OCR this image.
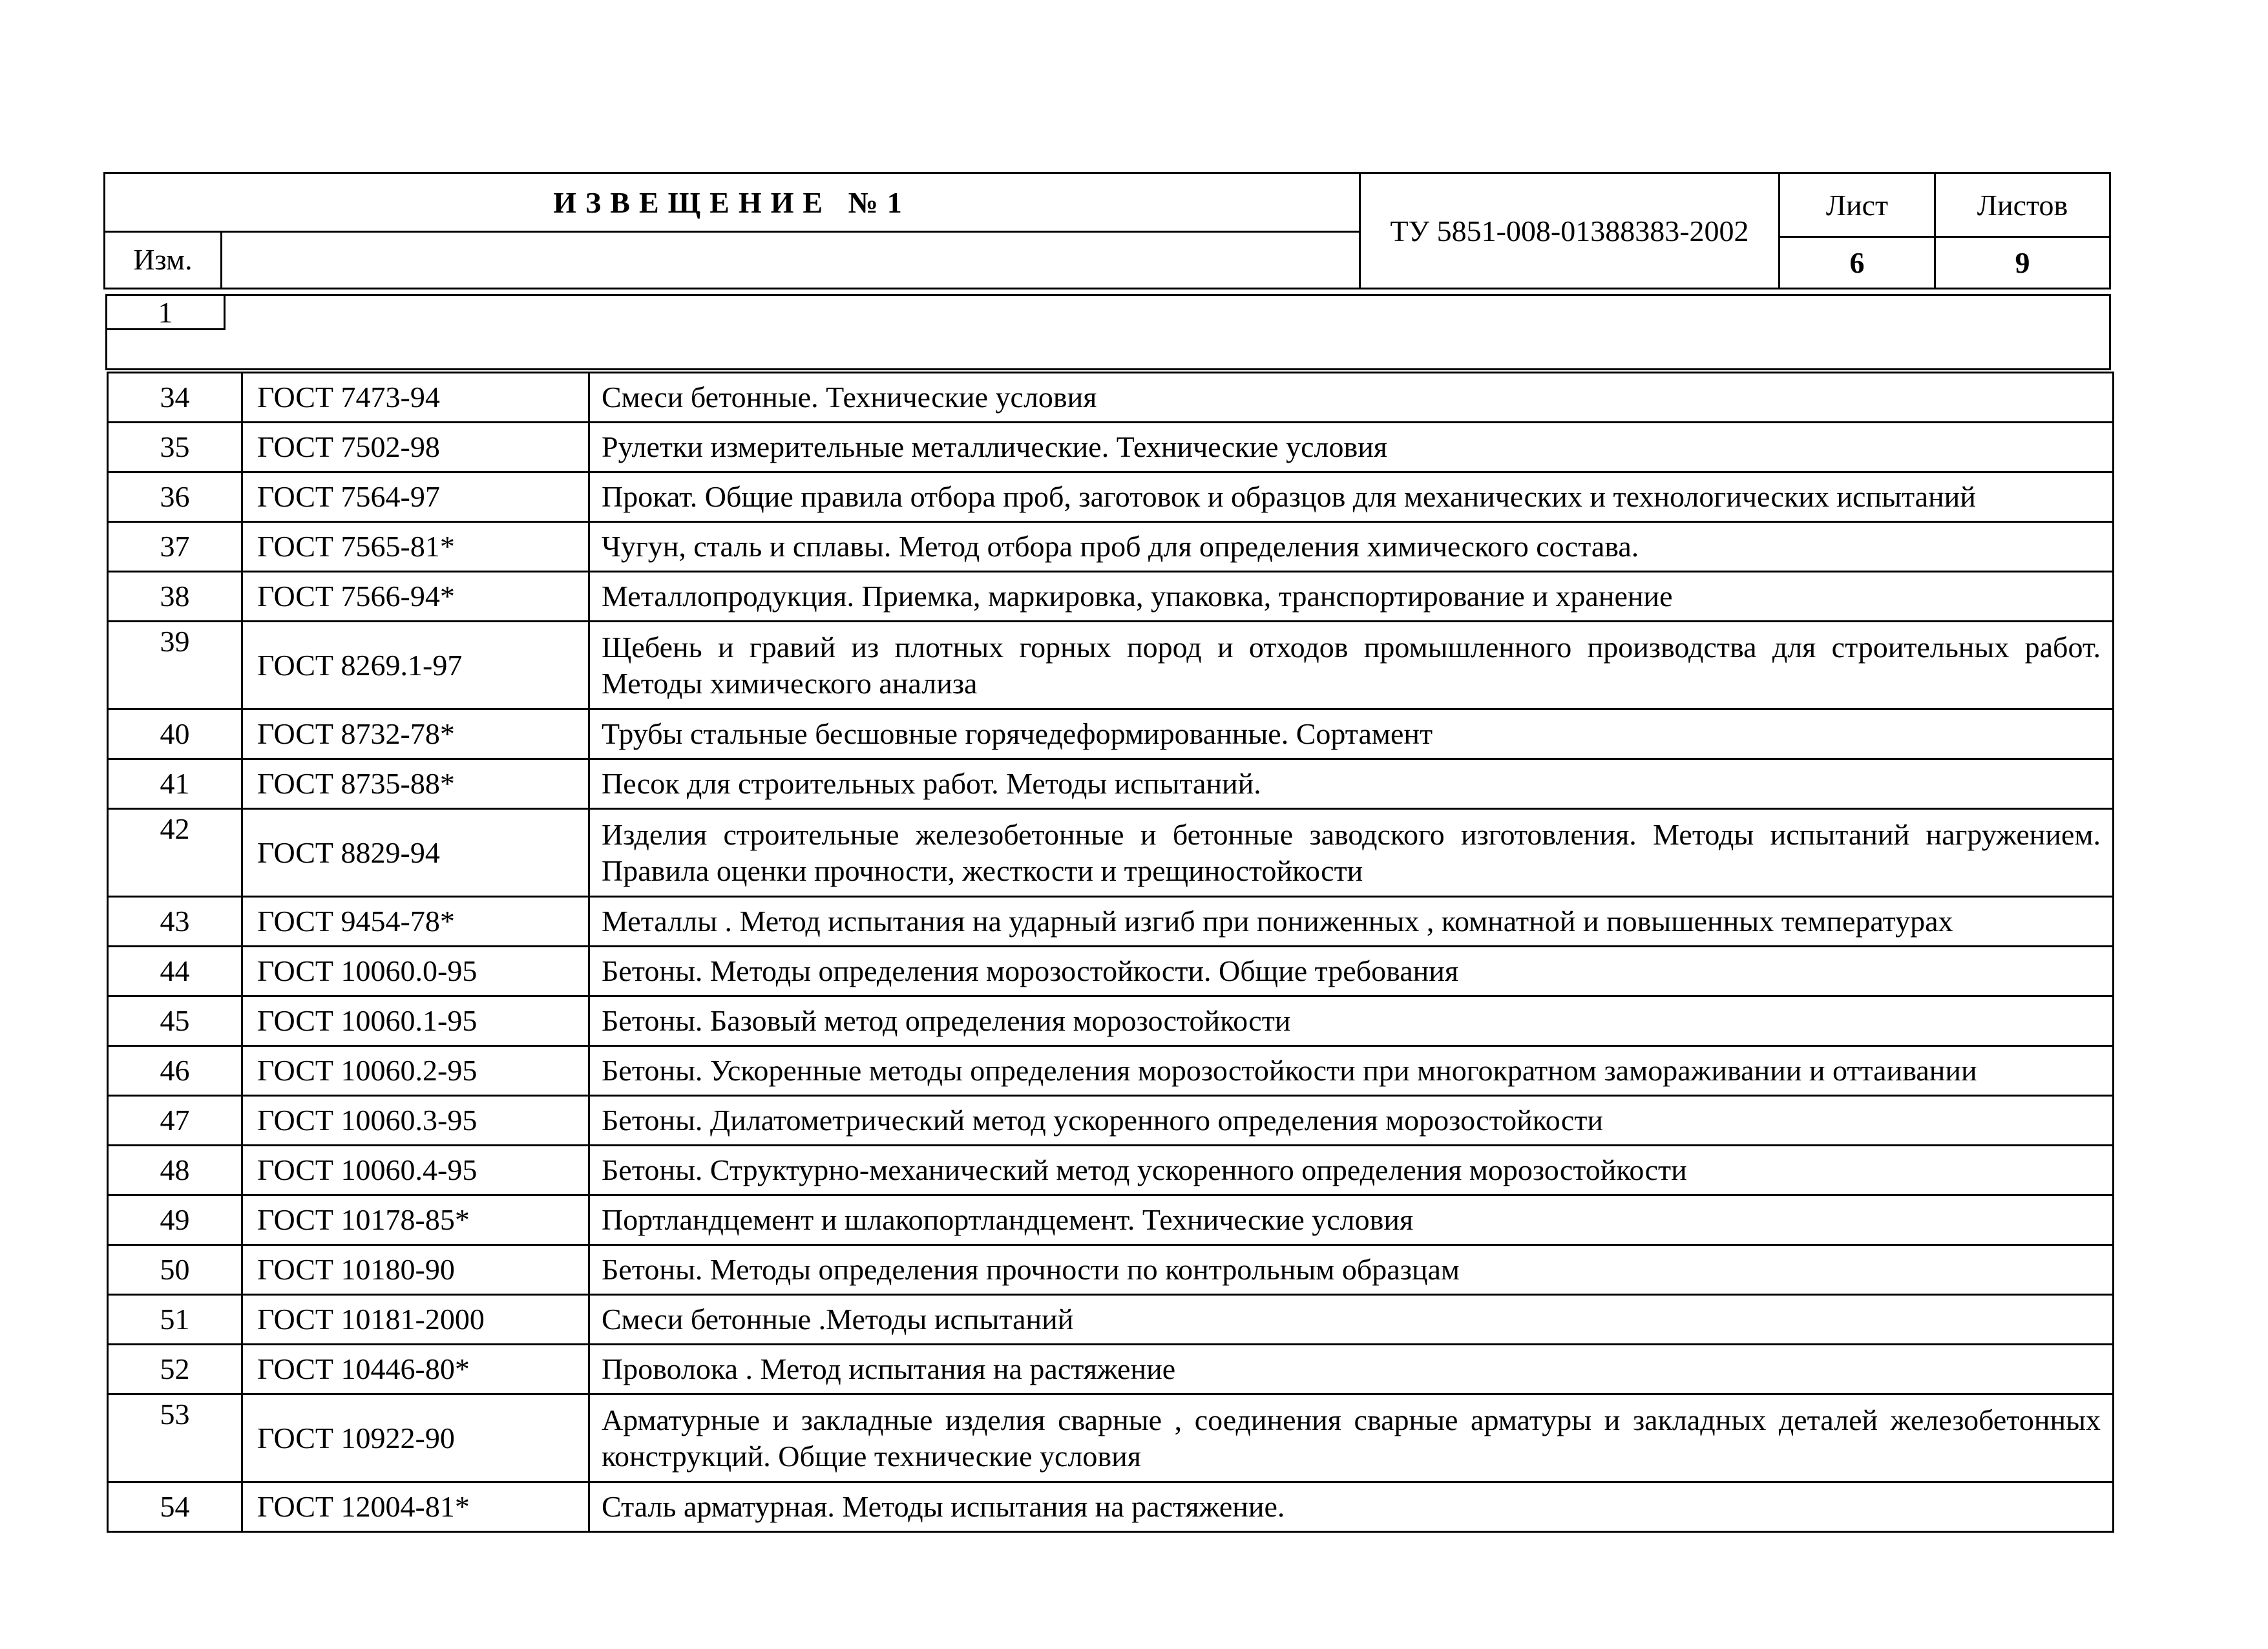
ИЗВЕЩЕНИЕ №1
Изм.
ТУ 5851-008-01388383-2002
Лист	Листов
6	9
1
34	ГОСТ 7473-94	Смеси бетонные. Технические условия
35	ГОСТ 7502-98	Рулетки измерительные металлические. Технические условия
36	ГОСТ 7564-97	Прокат. Общие правила отбора проб, заготовок и образцов для механических и технологических испытаний
37	ГОСТ 7565-81*	Чугун, сталь и сплавы. Метод отбора проб для определения химического состава.
38	ГОСТ 7566-94*	Металлопродукция. Приемка, маркировка, упаковка, транспортирование и хранение
39	ГОСТ 8269.1-97	Щебень и гравий из плотных горных пород и отходов промышленного производства для строительных работ. Методы химического анализа
40	ГОСТ 8732-78*	Трубы стальные бесшовные горячедеформированные. Сортамент
41	ГОСТ 8735-88*	Песок для строительных работ. Методы испытаний.
42	ГОСТ 8829-94	Изделия строительные железобетонные и бетонные заводского изготовления. Методы испытаний нагружением. Правила оценки прочности, жесткости и трещиностойкости
43	ГОСТ 9454-78*	Металлы . Метод испытания на ударный изгиб при пониженных , комнатной и повышенных температурах
44	ГОСТ 10060.0-95	Бетоны. Методы определения морозостойкости. Общие требования
45	ГОСТ 10060.1-95	Бетоны. Базовый метод определения морозостойкости
46	ГОСТ 10060.2-95	Бетоны. Ускоренные методы определения морозостойкости при многократном замораживании и оттаивании
47	ГОСТ 10060.3-95	Бетоны. Дилатометрический метод ускоренного определения морозостойкости
48	ГОСТ 10060.4-95	Бетоны. Структурно-механический метод ускоренного определения морозостойкости
49	ГОСТ 10178-85*	Портландцемент и шлакопортландцемент. Технические условия
50	ГОСТ 10180-90	Бетоны. Методы определения прочности по контрольным образцам
51	ГОСТ 10181-2000	Смеси бетонные .Методы испытаний
52	ГОСТ 10446-80*	Проволока . Метод испытания на растяжение
53	ГОСТ 10922-90	Арматурные и закладные изделия сварные , соединения сварные арматуры и закладных деталей железобетонных конструкций. Общие технические условия
54	ГОСТ 12004-81*	Сталь арматурная. Методы испытания на растяжение.
